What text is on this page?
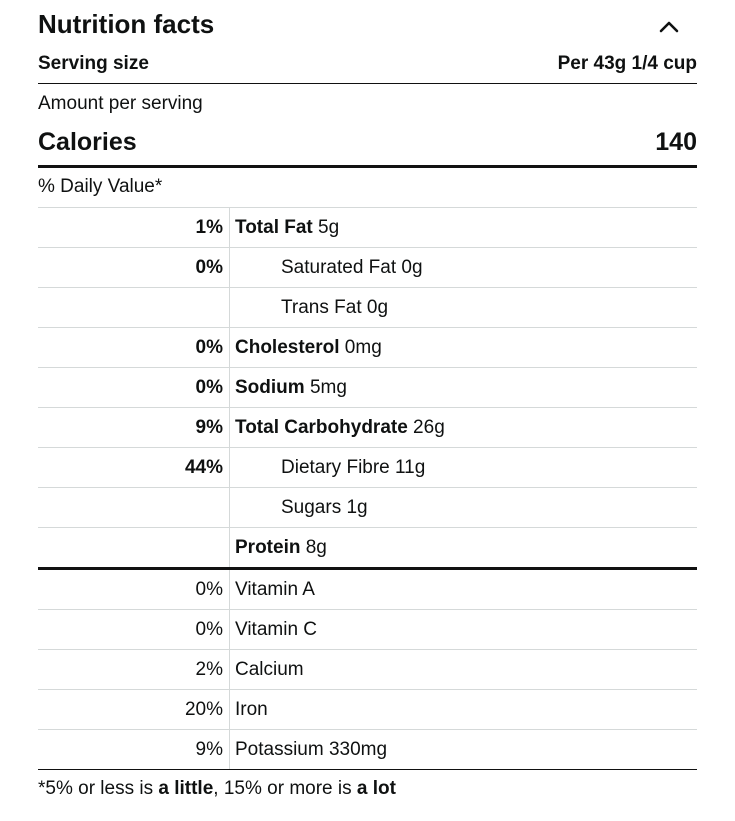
Nutrition facts
Serving size	Per 43g 1/4 cup
Amount per serving
Calories	140
% Daily Value*
1% Total Fat 5g
0%	Saturated Fat 0g
Trans Fat 0g
0% Cholesterol 0mg
0% Sodium 5mg
9% Total Carbohydrate 26g
44%	Dietary Fibre 11g
Sugars 1g
Protein 8g
0% Vitamin A
0% Vitamin C
2% Calcium
20% Iron
9% Potassium 330mg
*5% or less is a little, 15% or more is a lot
